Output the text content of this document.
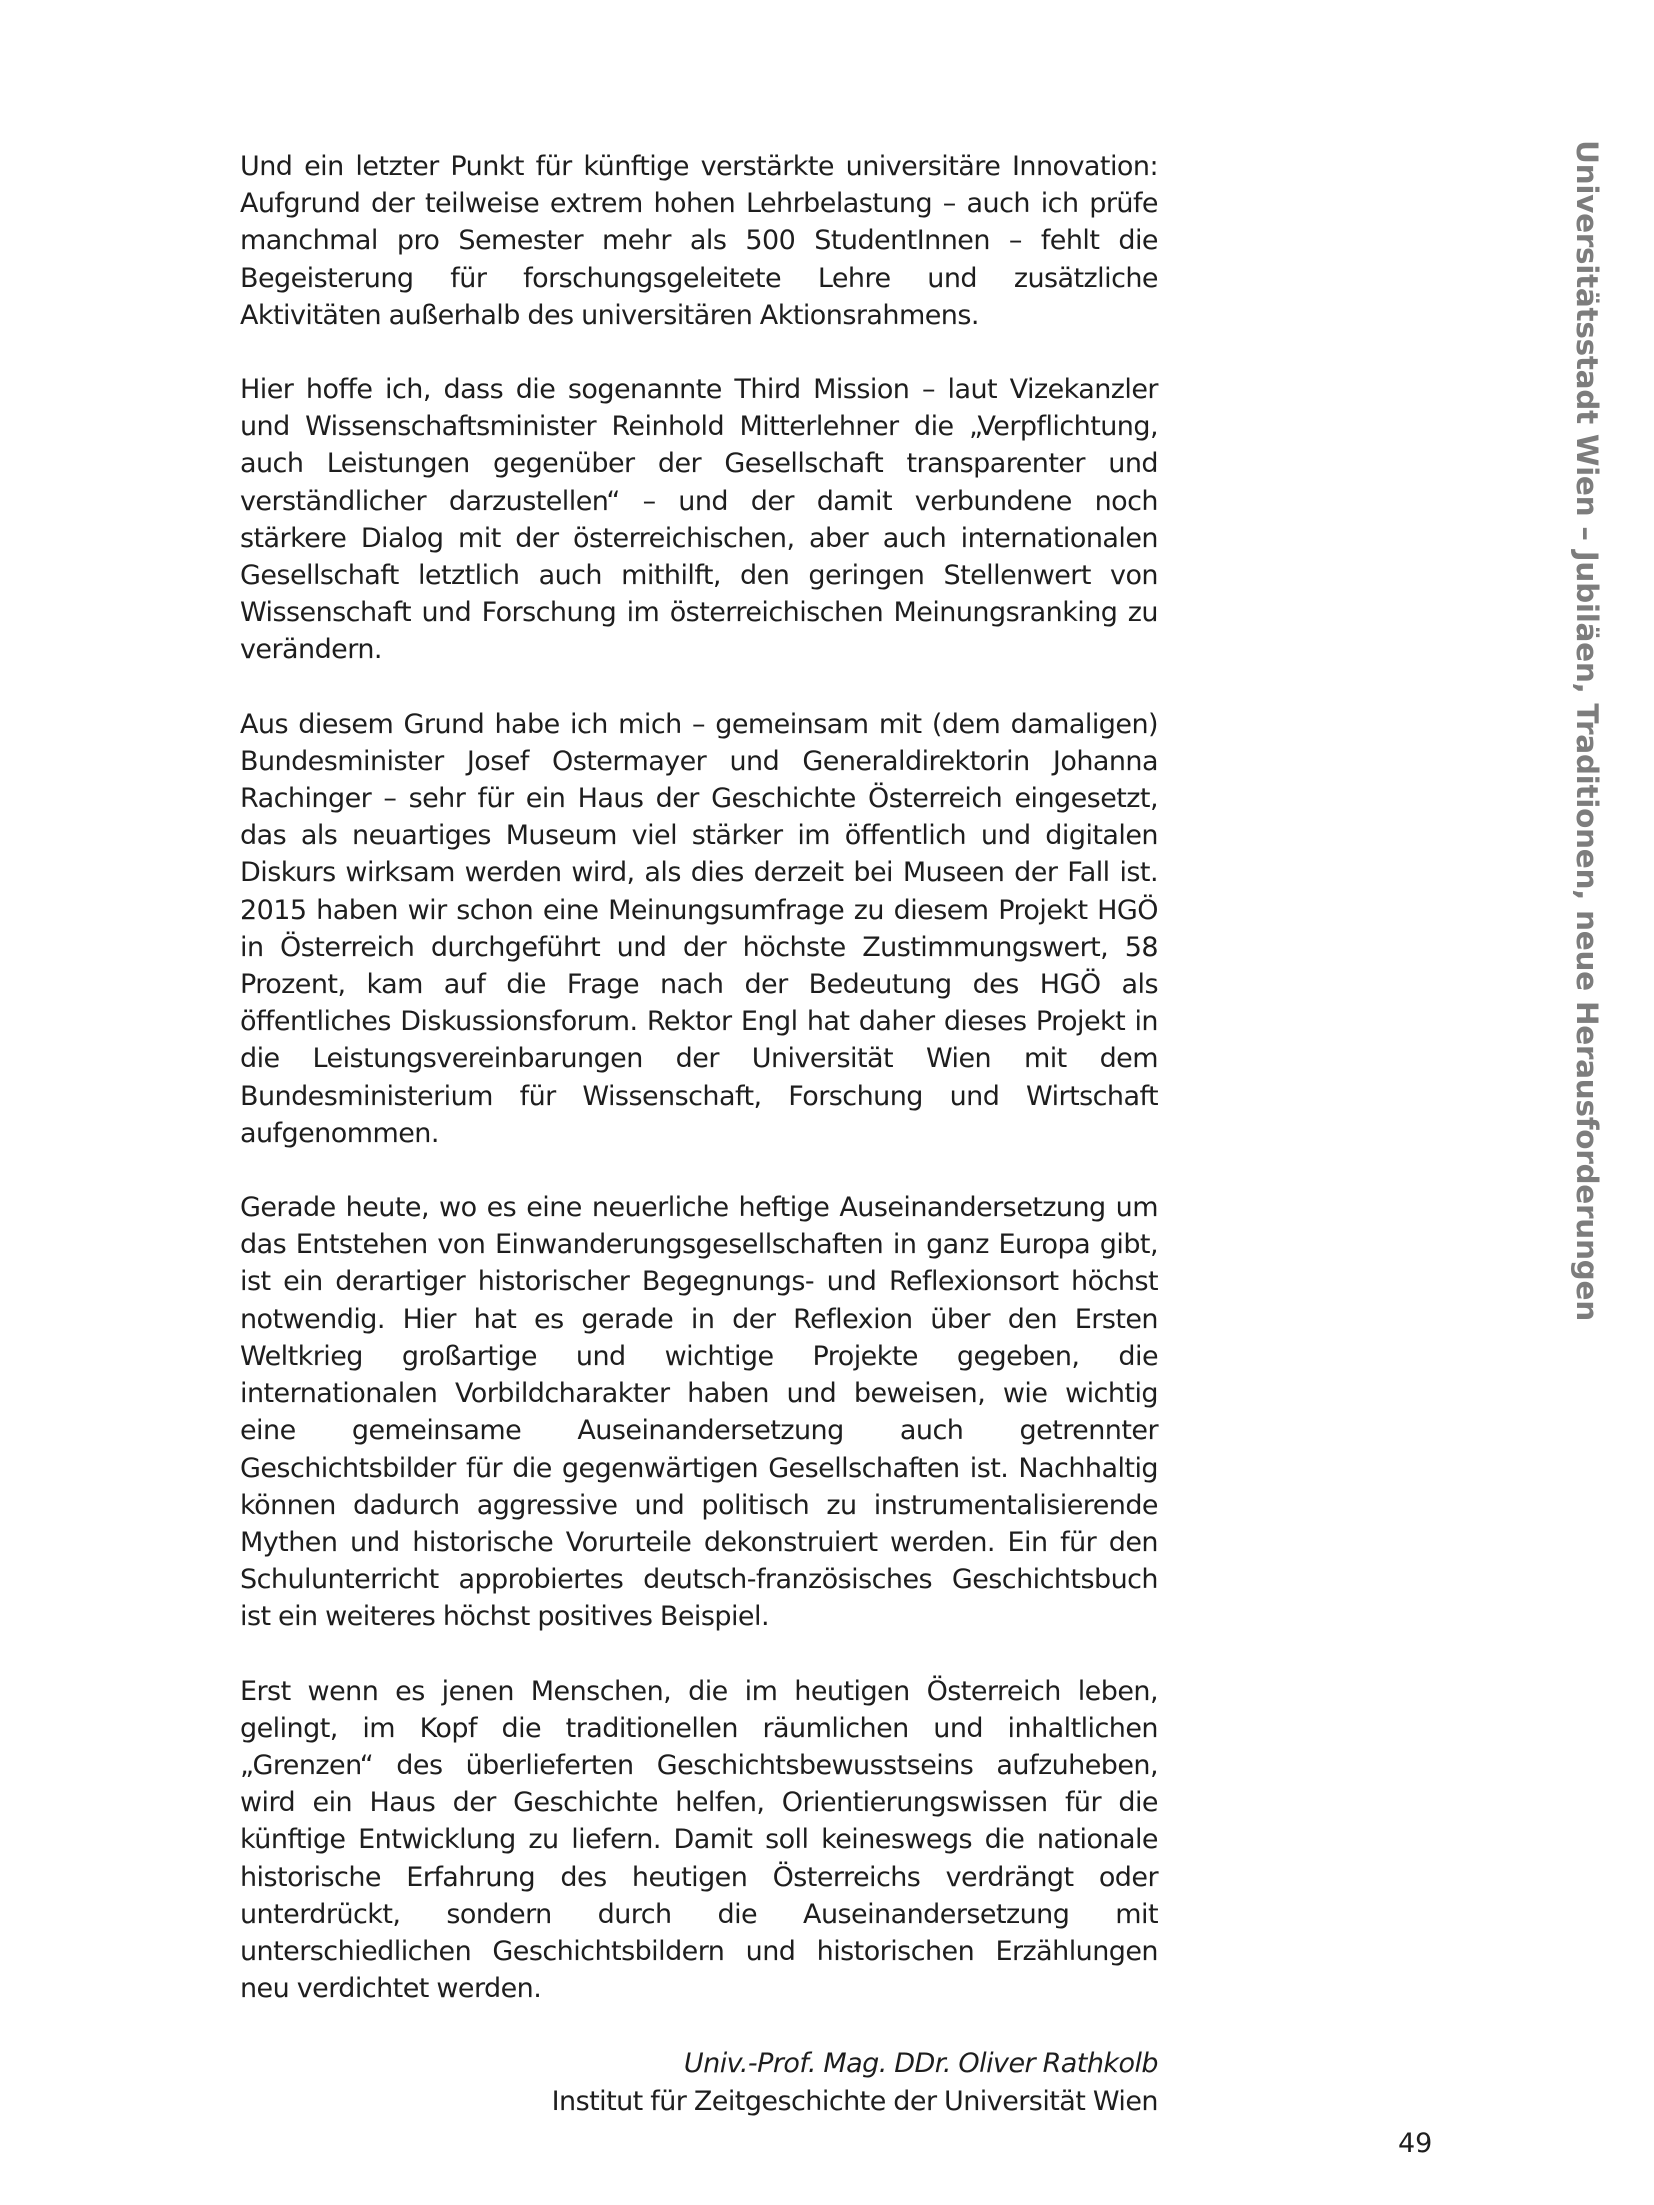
Universitätsstadt Wien – Jubiläen, Traditionen, neue Herausforderungen

Und ein letzter Punkt für künftige verstärkte universitäre Innovation: Aufgrund der teilweise extrem hohen Lehrbelastung – auch ich prüfe manchmal pro Semester mehr als 500 StudentInnen – fehlt die Begeisterung für forschungsgeleitete Lehre und zusätzliche Aktivitäten außerhalb des universitären Aktionsrahmens.

Hier hoffe ich, dass die sogenannte Third Mission – laut Vizekanzler und Wissenschaftsminister Reinhold Mitterlehner die „Verpflichtung, auch Leistungen gegenüber der Gesellschaft transparenter und verständlicher darzustellen“ – und der damit verbundene noch stärkere Dialog mit der österreichischen, aber auch internationalen Gesellschaft letztlich auch mithilft, den geringen Stellenwert von Wissenschaft und Forschung im österreichischen Meinungsranking zu verändern.

Aus diesem Grund habe ich mich – gemeinsam mit (dem damaligen) Bundesminister Josef Ostermayer und Generaldirektorin Johanna Rachinger – sehr für ein Haus der Geschichte Österreich eingesetzt, das als neuartiges Museum viel stärker im öffentlich und digitalen Diskurs wirksam werden wird, als dies derzeit bei Museen der Fall ist. 2015 haben wir schon eine Meinungsumfrage zu diesem Projekt HGÖ in Österreich durchgeführt und der höchste Zustimmungswert, 58 Prozent, kam auf die Frage nach der Bedeutung des HGÖ als öffentliches Diskussionsforum. Rektor Engl hat daher dieses Projekt in die Leistungsvereinbarungen der Universität Wien mit dem Bundesministerium für Wissenschaft, Forschung und Wirtschaft aufgenommen.

Gerade heute, wo es eine neuerliche heftige Auseinandersetzung um das Entstehen von Einwanderungsgesellschaften in ganz Europa gibt, ist ein derartiger historischer Begegnungs- und Reflexionsort höchst notwendig. Hier hat es gerade in der Reflexion über den Ersten Weltkrieg großartige und wichtige Projekte gegeben, die internationalen Vorbildcharakter haben und beweisen, wie wichtig eine gemeinsame Auseinandersetzung auch getrennter Geschichtsbilder für die gegenwärtigen Gesellschaften ist. Nachhaltig können dadurch aggressive und politisch zu instrumentalisierende Mythen und historische Vorurteile dekonstruiert werden. Ein für den Schulunterricht approbiertes deutsch-französisches Geschichtsbuch ist ein weiteres höchst positives Beispiel.

Erst wenn es jenen Menschen, die im heutigen Österreich leben, gelingt, im Kopf die traditionellen räumlichen und inhaltlichen „Grenzen“ des überlieferten Geschichtsbewusstseins aufzuheben, wird ein Haus der Geschichte helfen, Orientierungswissen für die künftige Entwicklung zu liefern. Damit soll keineswegs die nationale historische Erfahrung des heutigen Österreichs verdrängt oder unterdrückt, sondern durch die Auseinandersetzung mit unterschiedlichen Geschichtsbildern und historischen Erzählungen neu verdichtet werden.

Univ.-Prof. Mag. DDr. Oliver Rathkolb
Institut für Zeitgeschichte der Universität Wien
49
